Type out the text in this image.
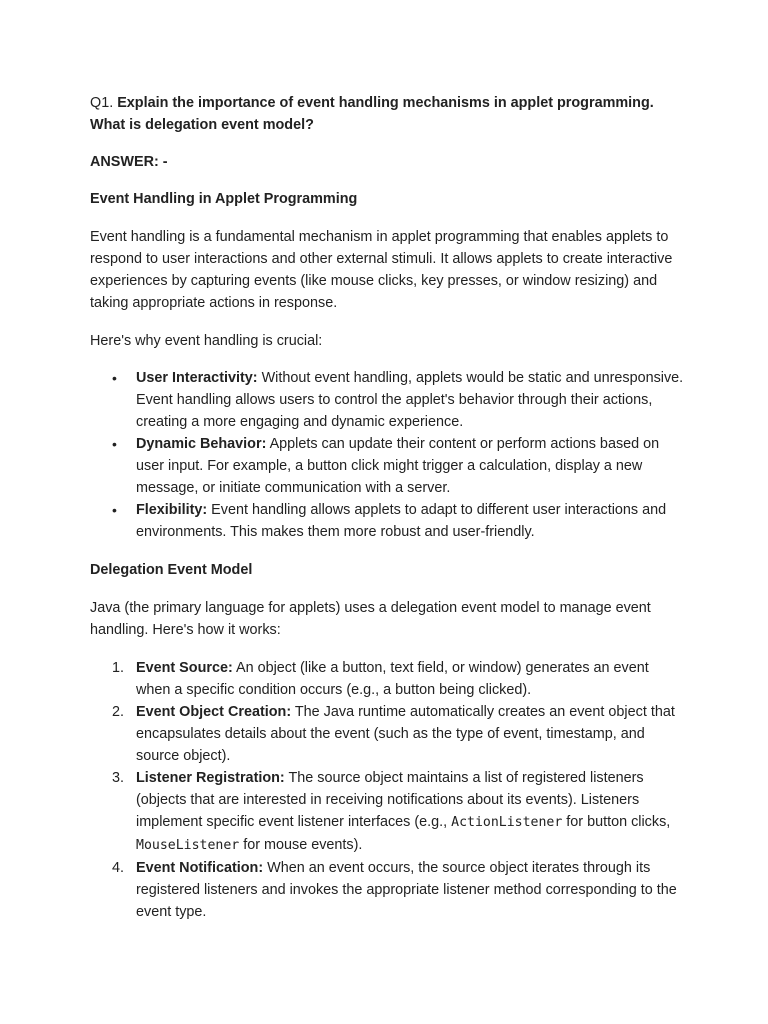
Q1. Explain the importance of event handling mechanisms in applet programming. What is delegation event model?

ANSWER: -

Event Handling in Applet Programming

Event handling is a fundamental mechanism in applet programming that enables applets to respond to user interactions and other external stimuli. It allows applets to create interactive experiences by capturing events (like mouse clicks, key presses, or window resizing) and taking appropriate actions in response.

Here's why event handling is crucial:

• User Interactivity: Without event handling, applets would be static and unresponsive. Event handling allows users to control the applet's behavior through their actions, creating a more engaging and dynamic experience.
• Dynamic Behavior: Applets can update their content or perform actions based on user input. For example, a button click might trigger a calculation, display a new message, or initiate communication with a server.
• Flexibility: Event handling allows applets to adapt to different user interactions and environments. This makes them more robust and user-friendly.

Delegation Event Model

Java (the primary language for applets) uses a delegation event model to manage event handling. Here's how it works:

1. Event Source: An object (like a button, text field, or window) generates an event when a specific condition occurs (e.g., a button being clicked).
2. Event Object Creation: The Java runtime automatically creates an event object that encapsulates details about the event (such as the type of event, timestamp, and source object).
3. Listener Registration: The source object maintains a list of registered listeners (objects that are interested in receiving notifications about its events). Listeners implement specific event listener interfaces (e.g., ActionListener for button clicks, MouseListener for mouse events).
4. Event Notification: When an event occurs, the source object iterates through its registered listeners and invokes the appropriate listener method corresponding to the event type.
